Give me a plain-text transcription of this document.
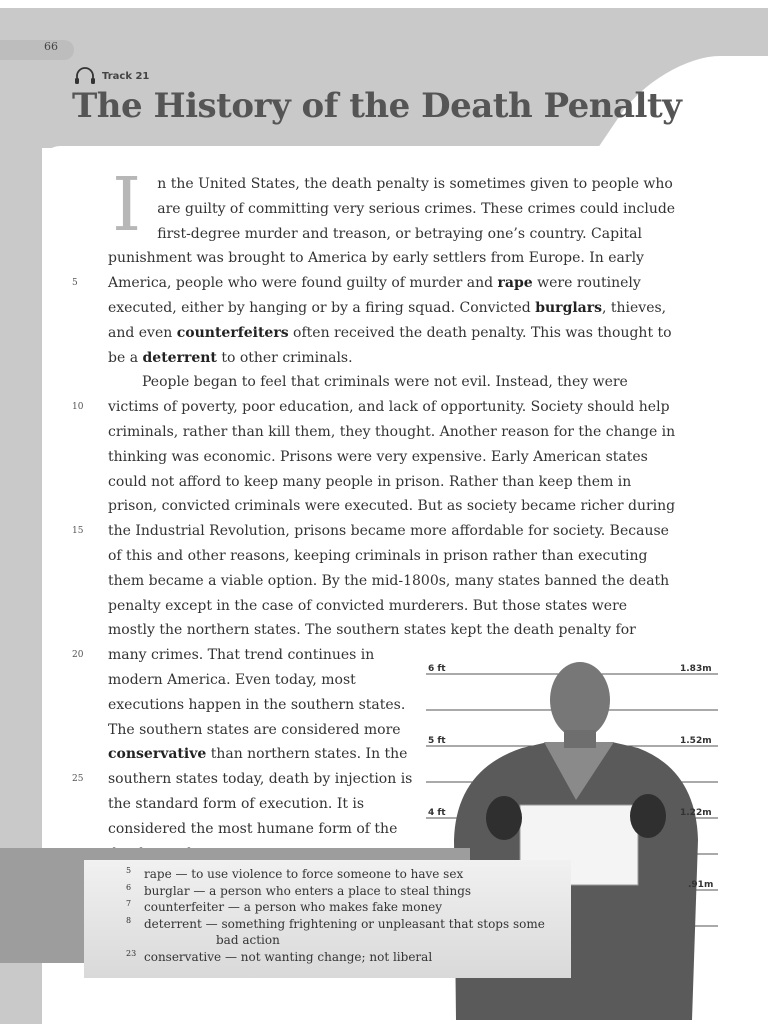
66
Track 21
The History of the Death Penalty
5
10
15
20
25

I n the United States, the death penalty is sometimes given to people who are guilty of committing very serious crimes. These crimes could include first-degree murder and treason, or betraying one’s country. Capital punishment was brought to America by early settlers from Europe. In early America, people who were found guilty of murder and rape were routinely executed, either by hanging or by a firing squad. Convicted burglars, thieves, and even counterfeiters often received the death penalty. This was thought to be a deterrent to other criminals.

People began to feel that criminals were not evil. Instead, they were victims of poverty, poor education, and lack of opportunity. Society should help criminals, rather than kill them, they thought. Another reason for the change in thinking was economic. Prisons were very expensive. Early American states could not afford to keep many people in prison. Rather than keep them in prison, convicted criminals were executed. But as society became richer during the Industrial Revolution, prisons became more affordable for society. Because of this and other reasons, keeping criminals in prison rather than executing them became a viable option. By the mid-1800s, many states banned the death penalty except in the case of convicted murderers. But those states were mostly the northern states. The southern states kept the death penalty for many crimes. That trend continues in

modern America. Even today, most executions happen in the southern states. The southern states are considered more conservative than northern states. In the southern states today, death by injection is the standard form of execution. It is considered the most humane form of the

6 ft
5 ft
4 ft
1.83m
1.52m
1.22m
.91m
5 rape — to use violence to force someone to have sex
6 burglar — a person who enters a place to steal things
7 counterfeiter — a person who makes fake money
8 deterrent — something frightening or unpleasant that stops some
bad action
23 conservative — not wanting change; not liberal
